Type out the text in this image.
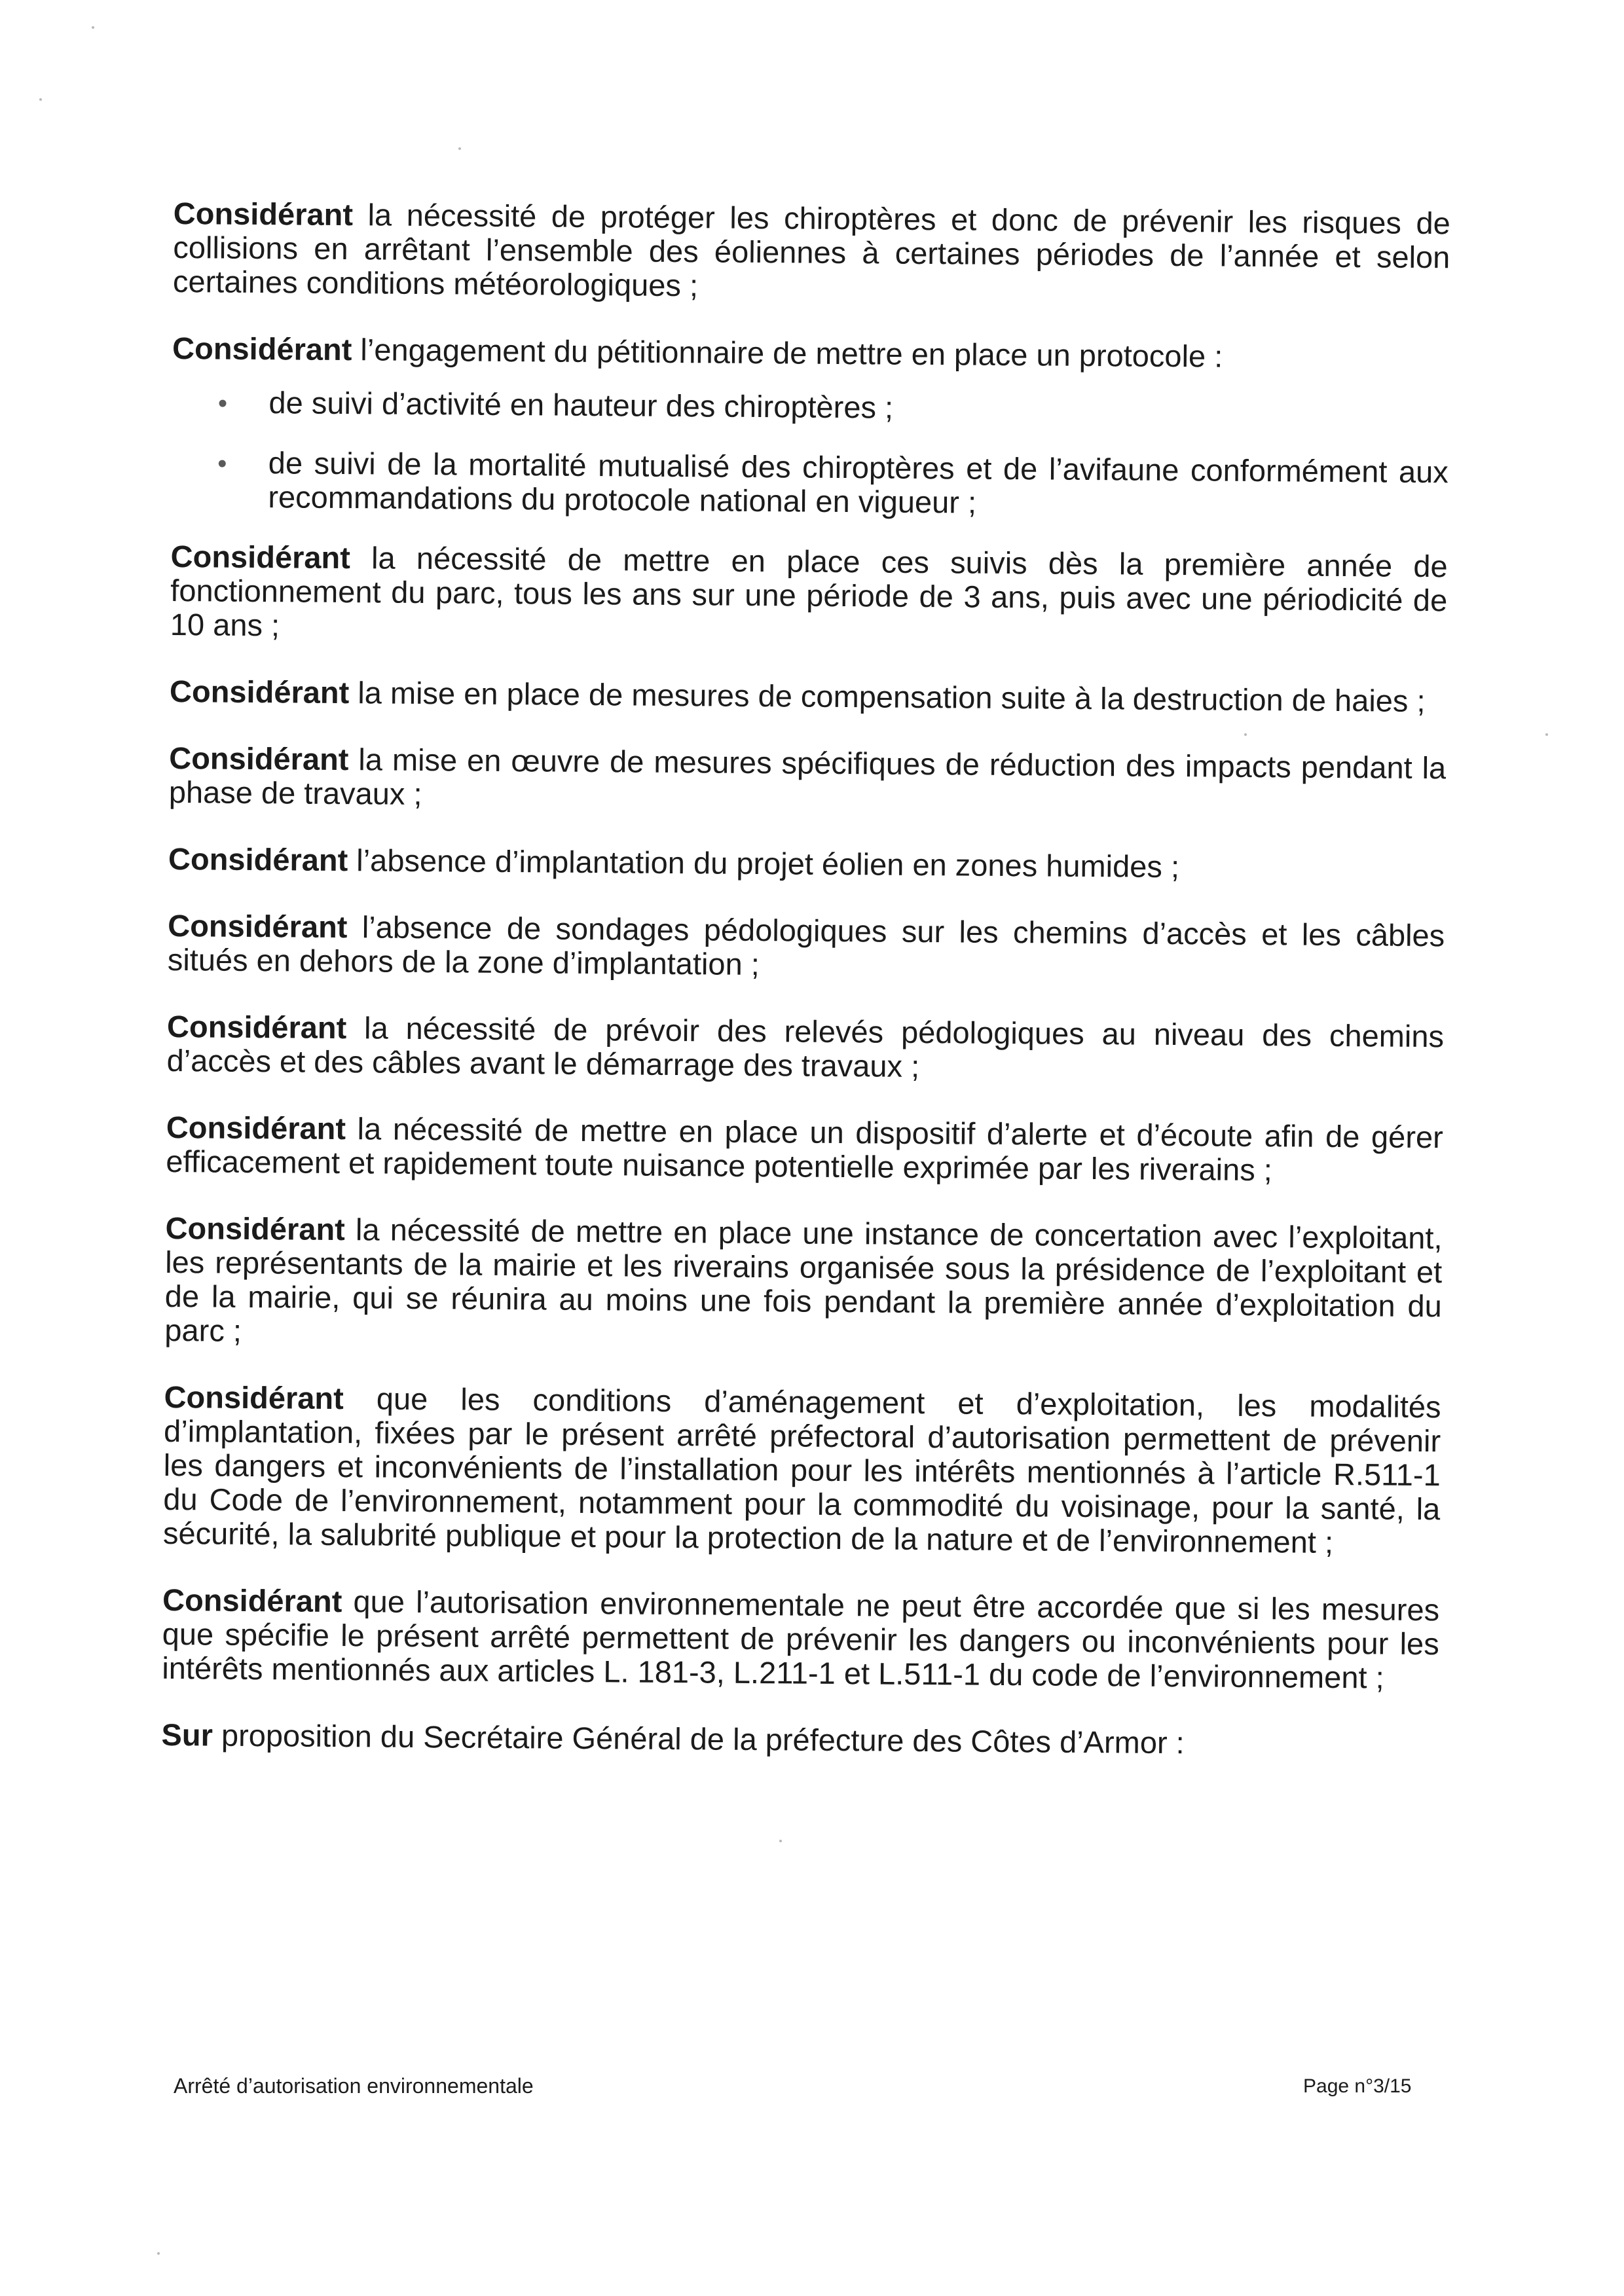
Considérant la nécessité de protéger les chiroptères et donc de prévenir les risques de collisions en arrêtant l’ensemble des éoliennes à certaines périodes de l’année et selon certaines conditions météorologiques ;

Considérant l’engagement du pétitionnaire de mettre en place un protocole :

de suivi d’activité en hauteur des chiroptères ;
de suivi de la mortalité mutualisé des chiroptères et de l’avifaune conformément aux recommandations du protocole national en vigueur ;

Considérant la nécessité de mettre en place ces suivis dès la première année de fonctionnement du parc, tous les ans sur une période de 3 ans, puis avec une périodicité de 10 ans ;

Considérant la mise en place de mesures de compensation suite à la destruction de haies ;

Considérant la mise en œuvre de mesures spécifiques de réduction des impacts pendant la phase de travaux ;

Considérant l’absence d’implantation du projet éolien en zones humides ;

Considérant l’absence de sondages pédologiques sur les chemins d’accès et les câbles situés en dehors de la zone d’implantation ;

Considérant la nécessité de prévoir des relevés pédologiques au niveau des chemins d’accès et des câbles avant le démarrage des travaux ;

Considérant la nécessité de mettre en place un dispositif d’alerte et d’écoute afin de gérer efficacement et rapidement toute nuisance potentielle exprimée par les riverains ;

Considérant la nécessité de mettre en place une instance de concertation avec l’exploitant, les représentants de la mairie et les riverains organisée sous la présidence de l’exploitant et de la mairie, qui se réunira au moins une fois pendant la première année d’exploitation du parc ;

Considérant que les conditions d’aménagement et d’exploitation, les modalités d’implantation, fixées par le présent arrêté préfectoral d’autorisation permettent de prévenir les dangers et inconvénients de l’installation pour les intérêts mentionnés à l’article R.511-1 du Code de l’environnement, notamment pour la commodité du voisinage, pour la santé, la sécurité, la salubrité publique et pour la protection de la nature et de l’environnement ;

Considérant que l’autorisation environnementale ne peut être accordée que si les mesures que spécifie le présent arrêté permettent de prévenir les dangers ou inconvénients pour les intérêts mentionnés aux articles L. 181-3, L.211-1 et L.511-1 du code de l’environnement ;

Sur proposition du Secrétaire Général de la préfecture des Côtes d’Armor :

Arrêté d’autorisation environnementale	Page n°3/15
